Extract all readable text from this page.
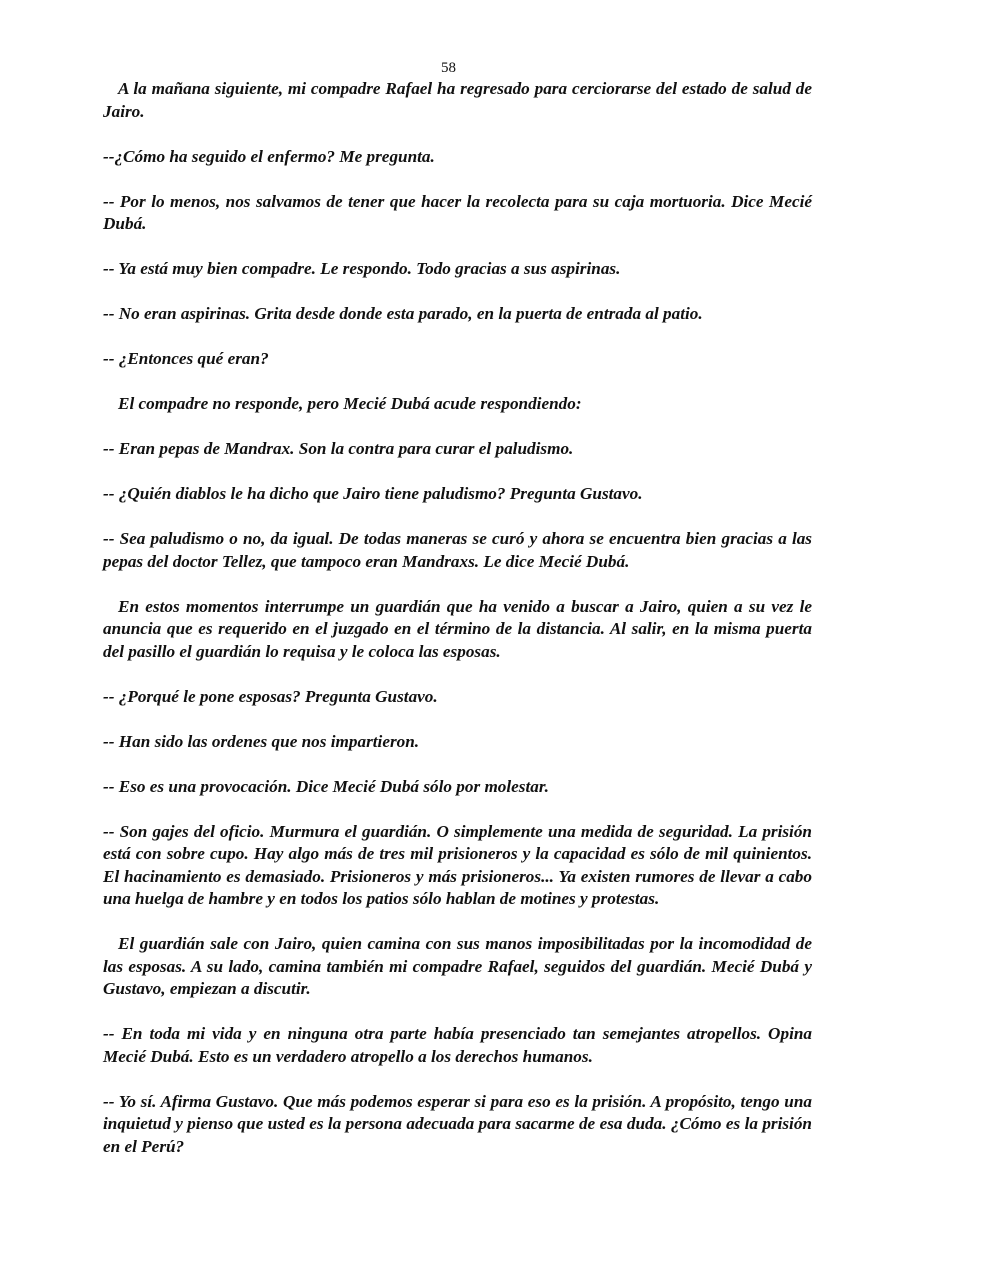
58

A la mañana siguiente, mi compadre Rafael ha regresado para cerciorarse del estado de salud de Jairo.

--¿Cómo ha seguido el enfermo? Me pregunta.

-- Por lo menos, nos salvamos de tener que hacer la recolecta para su caja mortuoria. Dice Mecié Dubá.

-- Ya está muy bien compadre. Le respondo. Todo gracias a sus aspirinas.

-- No eran aspirinas. Grita desde donde esta parado, en la puerta de entrada al patio.

-- ¿Entonces qué eran?

El compadre no responde, pero Mecié Dubá acude respondiendo:

-- Eran pepas de Mandrax. Son la contra para curar el paludismo.

-- ¿Quién diablos le ha dicho que Jairo tiene paludismo? Pregunta Gustavo.

-- Sea paludismo o no, da igual. De todas maneras se curó y ahora se encuentra bien gracias a las pepas del doctor Tellez, que tampoco eran Mandraxs. Le dice Mecié Dubá.

En estos momentos interrumpe un guardián que ha venido a buscar a Jairo, quien a su vez le anuncia que es requerido en el juzgado en el término de la distancia. Al salir, en la misma puerta del pasillo el guardián lo requisa y le coloca las esposas.

-- ¿Porqué le pone esposas? Pregunta Gustavo.

-- Han sido las ordenes que nos impartieron.

-- Eso es una provocación. Dice Mecié Dubá sólo por molestar.

-- Son gajes del oficio. Murmura el guardián. O simplemente una medida de seguridad. La prisión está con sobre cupo. Hay algo más de tres mil prisioneros y la capacidad es sólo de mil quinientos. El hacinamiento es demasiado. Prisioneros y más prisioneros... Ya existen rumores de llevar a cabo una huelga de hambre y en todos los patios sólo hablan de motines y protestas.

El guardián sale con Jairo, quien camina con sus manos imposibilitadas por la incomodidad de las esposas. A su lado, camina también mi compadre Rafael, seguidos del guardián. Mecié Dubá y Gustavo, empiezan a discutir.

-- En toda mi vida y en ninguna otra parte había presenciado tan semejantes atropellos. Opina Mecié Dubá. Esto es un verdadero atropello a los derechos humanos.

-- Yo sí. Afirma Gustavo. Que más podemos esperar si para eso es la prisión. A propósito, tengo una inquietud y pienso que usted es la persona adecuada para sacarme de esa duda. ¿Cómo es la prisión en el Perú?
